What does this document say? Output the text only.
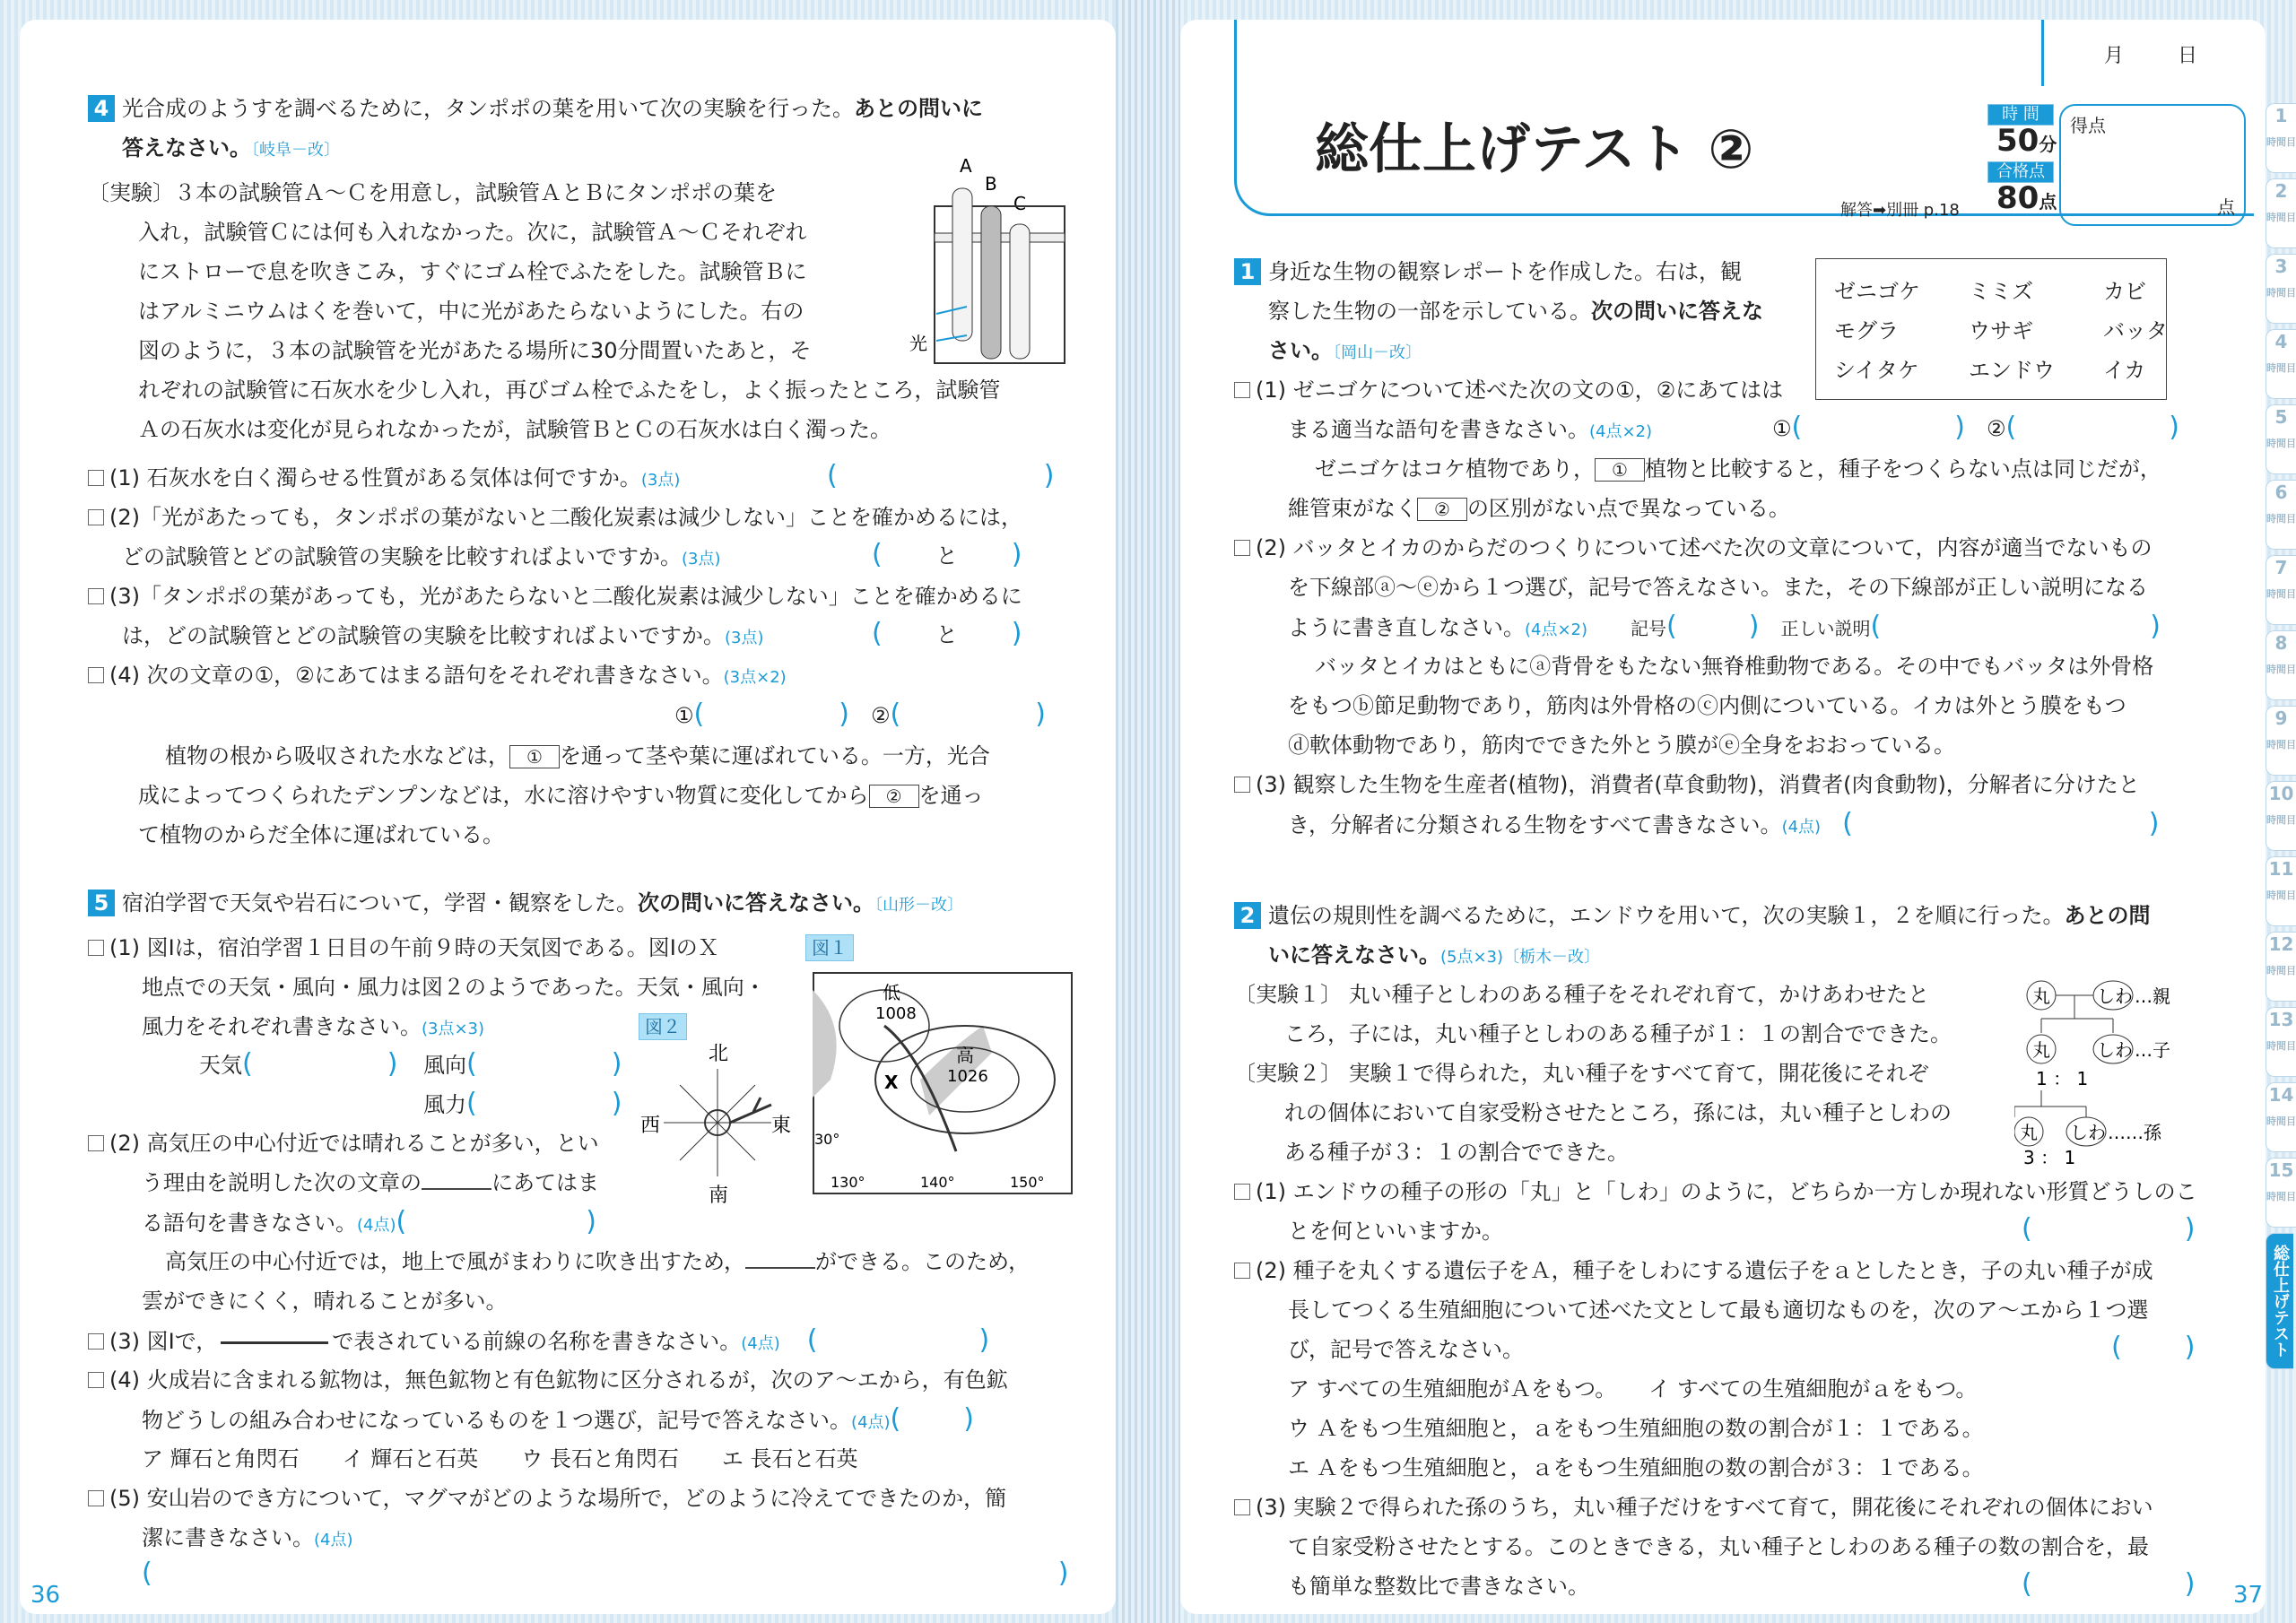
4 光合成のようすを調べるために，タンポポの葉を用いて次の実験を行った。あとの問いに
答えなさい。〔岐阜－改〕
〔実験〕３本の試験管Ａ～Ｃを用意し，試験管ＡとＢにタンポポの葉を
入れ，試験管Ｃには何も入れなかった。次に，試験管Ａ～Ｃそれぞれ
にストローで息を吹きこみ，すぐにゴム栓でふたをした。試験管Ｂに
はアルミニウムはくを巻いて，中に光があたらないようにした。右の
図のように，３本の試験管を光があたる場所に30分間置いたあと，そ
れぞれの試験管に石灰水を少し入れ，再びゴム栓でふたをし，よく振ったところ，試験管
Ａの石灰水は変化が見られなかったが，試験管ＢとＣの石灰水は白く濁った。
A
B
C
光
(1) 石灰水を白く濁らせる性質がある気体は何ですか。(3点)	(	)
(2)「光があたっても，タンポポの葉がないと二酸化炭素は減少しない」ことを確かめるには，
どの試験管とどの試験管の実験を比較すればよいですか。(3点)	(	と )
(3)「タンポポの葉があっても，光があたらないと二酸化炭素は減少しない」ことを確かめるに
は，どの試験管とどの試験管の実験を比較すればよいですか。(3点)	(	と )
(4) 次の文章の①，②にあてはまる語句をそれぞれ書きなさい。(3点×2)
①(	)　 ②(	)
植物の根から吸収された水などは， ① を通って茎や葉に運ばれている。一方，光合
成によってつくられたデンプンなどは，水に溶けやすい物質に変化してから ② を通っ
て植物のからだ全体に運ばれている。
5 宿泊学習で天気や岩石について，学習・観察をした。次の問いに答えなさい。〔山形－改〕
(1) 図Ⅰは，宿泊学習１日目の午前９時の天気図である。図ⅠのＸ
地点での天気・風向・風力は図２のようであった。天気・風向・
風力をそれぞれ書きなさい。(3点×3)
天気(	) 風向(	)
風力(	)
図１
図２
北
西	東
南
低
1008
高
1026
X
30°
130°	140°	150°
(2) 高気圧の中心付近では晴れることが多い，とい
う理由を説明した次の文章の	にあてはま
る語句を書きなさい。(4点)(	)
高気圧の中心付近では，地上で風がまわりに吹き出すため，	ができる。このため，
雲ができにくく，晴れることが多い。
(3) 図Ⅰで，	で表されている前線の名称を書きなさい。(4点)　(	)
(4) 火成岩に含まれる鉱物は，無色鉱物と有色鉱物に区分されるが，次のア～エから，有色鉱
物どうしの組み合わせになっているものを１つ選び，記号で答えなさい。(4点)( )
ア 輝石と角閃石　　 イ 輝石と石英　　 ウ 長石と角閃石　　 エ 長石と石英
(5) 安山岩のでき方について，マグマがどのような場所で，どのように冷えてできたのか，簡
潔に書きなさい。(4点)
(	)
36
月	日
総仕上げテスト ②
時 間
50分
合格点
80点
解答➡別冊 p.18
得点
点
1 身近な生物の観察レポートを作成した。右は，観
察した生物の一部を示している。次の問いに答えな
さい。〔岡山－改〕
ゼニゴケ	ミミズ	カビ
モグラ	ウサギ	バッタ
シイタケ	エンドウ	イカ
(1) ゼニゴケについて述べた次の文の①，②にあてはは
まる適当な語句を書きなさい。(4点×2)	①(	)　 ②(	)
ゼニゴケはコケ植物であり， ① 植物と比較すると，種子をつくらない点は同じだが，
維管束がなく ② の区別がない点で異なっている。
(2) バッタとイカのからだのつくりについて述べた次の文章について，内容が適当でないもの
を下線部ⓐ～ⓔから１つ選び，記号で答えなさい。また，その下線部が正しい説明になる
ように書き直しなさい。(4点×2)　　 記号(	)　 正しい説明(	)
バッタとイカはともにⓐ背骨をもたない無脊椎動物である。その中でもバッタは外骨格
をもつⓑ節足動物であり，筋肉は外骨格のⓒ内側についている。イカは外とう膜をもつ
ⓓ軟体動物であり，筋肉でできた外とう膜がⓔ全身をおおっている。
(3) 観察した生物を生産者(植物)，消費者(草食動物)，消費者(肉食動物)，分解者に分けたと
き，分解者に分類される生物をすべて書きなさい。(4点)　 (	)
2 遺伝の規則性を調べるために，エンドウを用いて，次の実験１，２を順に行った。あとの問
いに答えなさい。(5点×3)〔栃木－改〕
〔実験１〕 丸い種子としわのある種子をそれぞれ育て，かけあわせたと
ころ，子には，丸い種子としわのある種子が１：１の割合でできた。
〔実験２〕 実験１で得られた，丸い種子をすべて育て，開花後にそれぞ
れの個体において自家受粉させたところ，孫には，丸い種子としわの
ある種子が３：１の割合でできた。
丸	しわ …親
丸	しわ …子
1 ： 1
丸 しわ ……孫
3 ： 1
(1) エンドウの種子の形の「丸」と「しわ」のように，どちらか一方しか現れない形質どうしのこ
とを何といいますか。	(	)
(2) 種子を丸くする遺伝子をＡ，種子をしわにする遺伝子をａとしたとき，子の丸い種子が成
長してつくる生殖細胞について述べた文として最も適切なものを，次のア～エから１つ選
び，記号で答えなさい。	( )
ア すべての生殖細胞がＡをもつ。　　 イ すべての生殖細胞がａをもつ。
ウ Ａをもつ生殖細胞と，ａをもつ生殖細胞の数の割合が１：１である。
エ Ａをもつ生殖細胞と，ａをもつ生殖細胞の数の割合が３：１である。
(3) 実験２で得られた孫のうち，丸い種子だけをすべて育て，開花後にそれぞれの個体におい
て自家受粉させたとする。このときできる，丸い種子としわのある種子の数の割合を，最
も簡単な整数比で書きなさい。	(	) 37
1
時間目
2
時間目
3
時間目
4
時間目
5
時間目
6
時間目
7
時間目
8
時間目
9
時間目
10
時間目
11
時間目
12
時間目
13
時間目
14
時間目
15
時間目
総仕上げテスト
